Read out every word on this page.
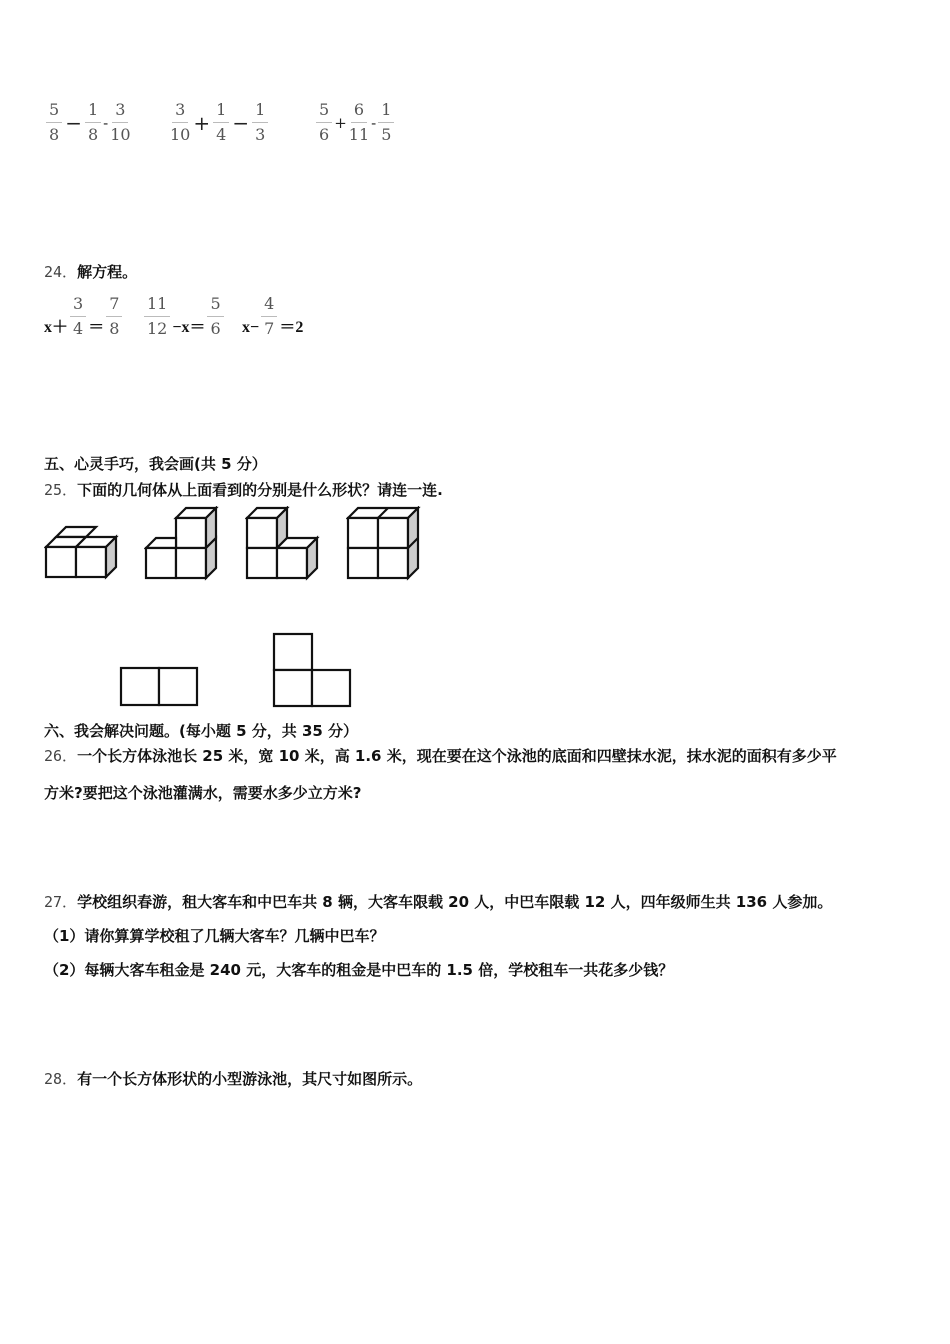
$\frac{5}{8} - \frac{1}{8} - \frac{3}{10} \frac{3}{10} + \frac{1}{4} - \frac{1}{3}$	$\frac{5}{6} + \frac{6}{11} - \frac{1}{5}$
24．解方程。
$x+ \frac{3}{4} = \frac{7}{8} \frac{11}{12} -x= \frac{5}{6} x- \frac{4}{7} =2$
五、心灵手巧，我会画(共 5 分）
25．下面的几何体从上面看到的分别是什么形状？请连一连.
六、我会解决问题。(每小题 5 分，共 35 分）
26．一个长方体泳池长 25 米，宽 10 米，高 1.6 米，现在要在这个泳池的底面和四壁抹水泥，抹水泥的面积有多少平
方米?要把这个泳池灌满水，需要水多少立方米?
27．学校组织春游，租大客车和中巴车共 8 辆，大客车限载 20 人，中巴车限载 12 人，四年级师生共 136 人参加。
（1）请你算算学校租了几辆大客车？几辆中巴车？
（2）每辆大客车租金是 240 元，大客车的租金是中巴车的 1.5 倍，学校租车一共花多少钱？
28．有一个长方体形状的小型游泳池，其尺寸如图所示。
